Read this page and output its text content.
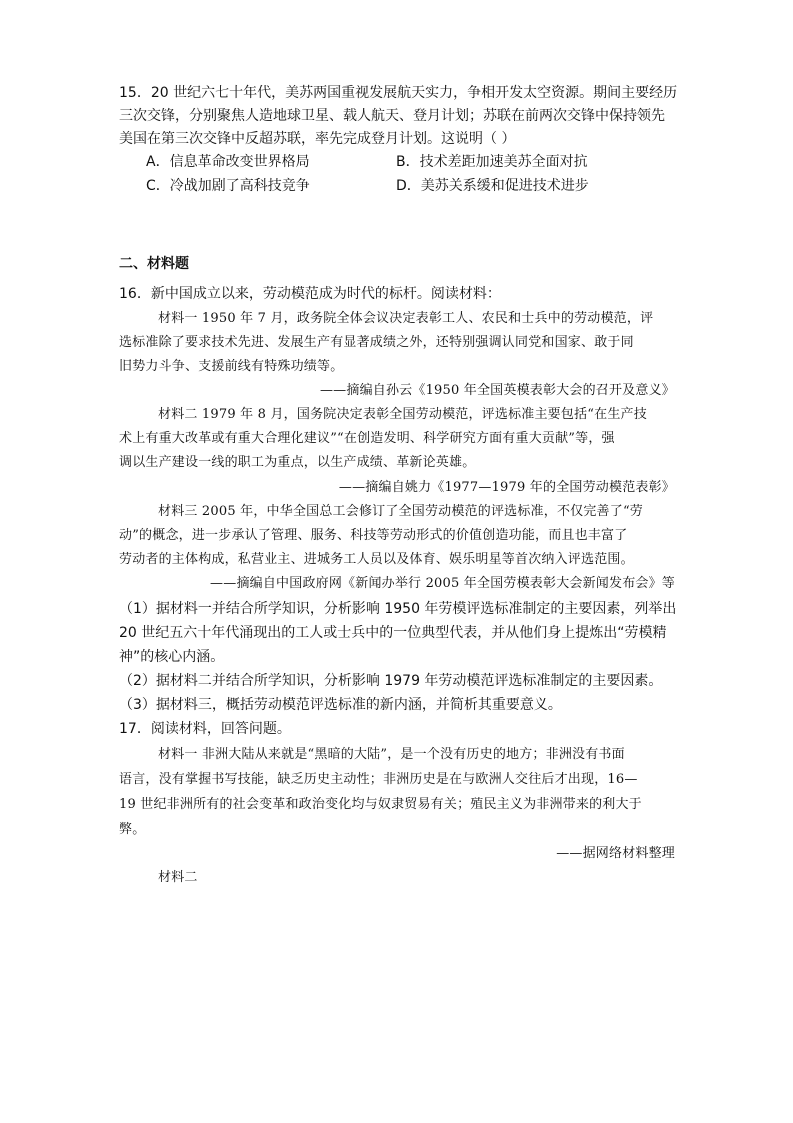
15．20 世纪六七十年代，美苏两国重视发展航天实力，争相开发太空资源。期间主要经历
三次交锋，分别聚焦人造地球卫星、载人航天、登月计划；苏联在前两次交锋中保持领先
美国在第三次交锋中反超苏联，率先完成登月计划。这说明（ ）
A．信息革命改变世界格局	B．技术差距加速美苏全面对抗
C．冷战加剧了高科技竞争	D．美苏关系缓和促进技术进步
二、材料题
16．新中国成立以来，劳动模范成为时代的标杆。阅读材料：
材料一 1950 年 7 月，政务院全体会议决定表彰工人、农民和士兵中的劳动模范，评
选标准除了要求技术先进、发展生产有显著成绩之外，还特别强调认同党和国家、敢于同
旧势力斗争、支援前线有特殊功绩等。
——摘编自孙云《1950 年全国英模表彰大会的召开及意义》
材料二 1979 年 8 月，国务院决定表彰全国劳动模范，评选标准主要包括“在生产技
术上有重大改革或有重大合理化建议”“在创造发明、科学研究方面有重大贡献”等，强
调以生产建设一线的职工为重点，以生产成绩、革新论英雄。
——摘编自姚力《1977—1979 年的全国劳动模范表彰》
材料三 2005 年，中华全国总工会修订了全国劳动模范的评选标准，不仅完善了“劳
动”的概念，进一步承认了管理、服务、科技等劳动形式的价值创造功能，而且也丰富了
劳动者的主体构成，私营业主、进城务工人员以及体育、娱乐明星等首次纳入评选范围。
——摘编自中国政府网《新闻办举行 2005 年全国劳模表彰大会新闻发布会》等
（1）据材料一并结合所学知识，分析影响 1950 年劳模评选标准制定的主要因素，列举出
20 世纪五六十年代涌现出的工人或士兵中的一位典型代表，并从他们身上提炼出“劳模精
神”的核心内涵。
（2）据材料二并结合所学知识，分析影响 1979 年劳动模范评选标准制定的主要因素。
（3）据材料三，概括劳动模范评选标准的新内涵，并简析其重要意义。
17．阅读材料，回答问题。
材料一 非洲大陆从来就是“黑暗的大陆”，是一个没有历史的地方；非洲没有书面
语言，没有掌握书写技能，缺乏历史主动性；非洲历史是在与欧洲人交往后才出现，16—
19 世纪非洲所有的社会变革和政治变化均与奴隶贸易有关；殖民主义为非洲带来的利大于
弊。
——据网络材料整理
材料二
